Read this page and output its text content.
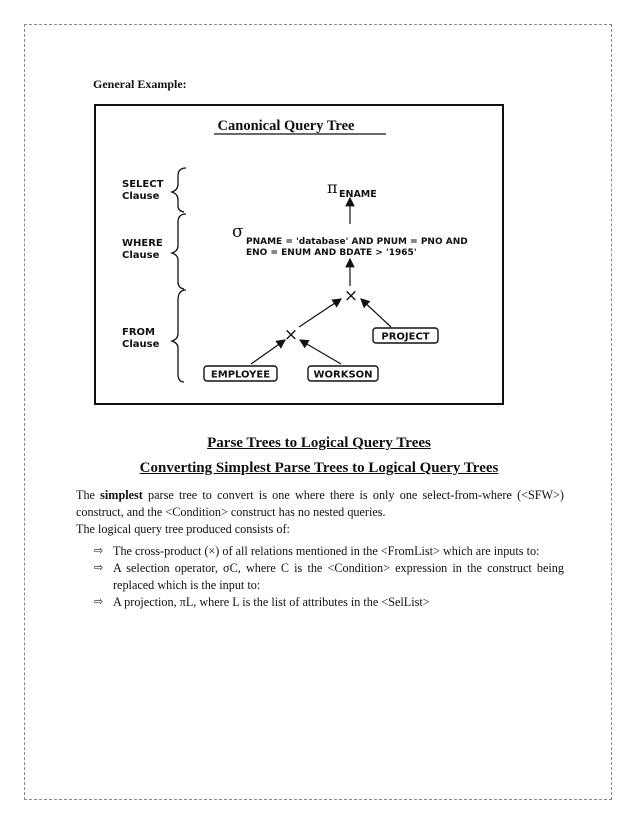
General Example:
Canonical Query Tree
SELECT
Clause
WHERE
Clause
FROM
Clause
π ENAME
σ PNAME = 'database' AND PNUM = PNO AND
ENO = ENUM AND BDATE > '1965'
×
×	PROJECT
EMPLOYEE	WORKSON
Parse Trees to Logical Query Trees
Converting Simplest Parse Trees to Logical Query Trees
The simplest parse tree to convert is one where there is only one select-from-where (<SFW>) construct, and the <Condition> construct has no nested queries.
The logical query tree produced consists of:
⇨ The cross-product (×) of all relations mentioned in the <FromList> which are inputs to:
⇨ A selection operator, σC, where C is the <Condition> expression in the construct being replaced which is the input to:
⇨ A projection, πL, where L is the list of attributes in the <SelList>
